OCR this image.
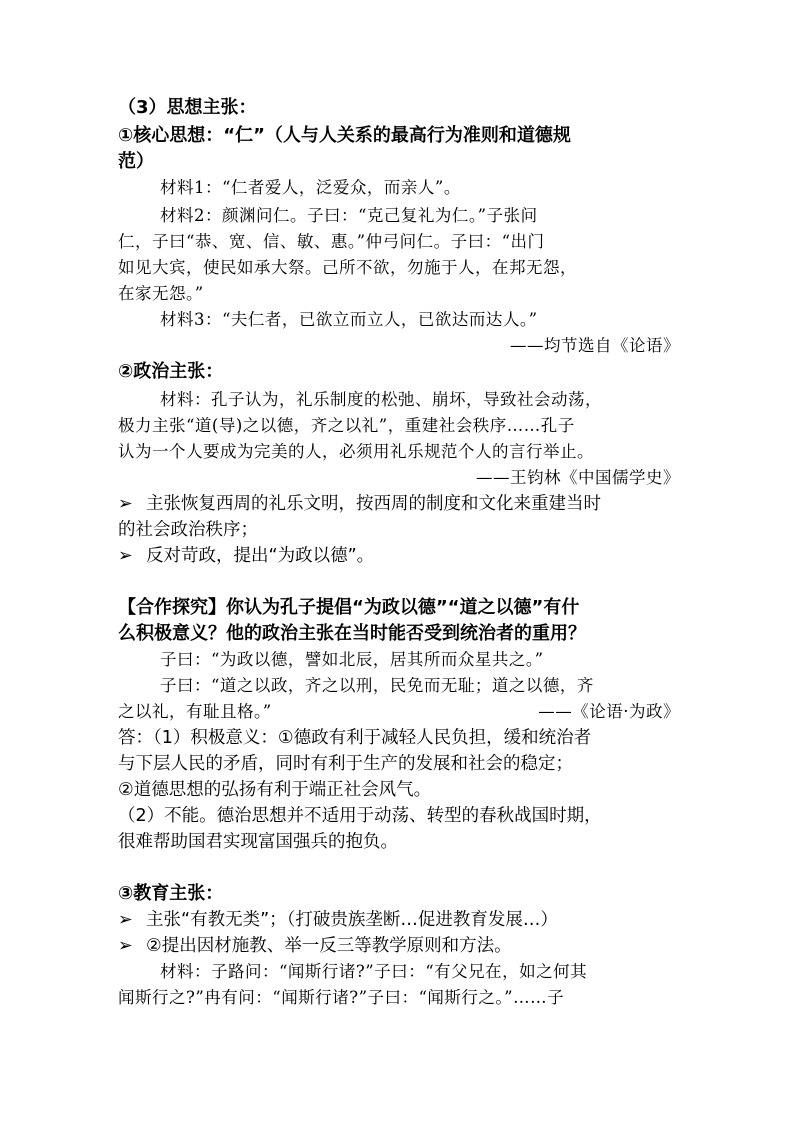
（3）思想主张：
①核心思想：“仁”（人与人关系的最高行为准则和道德规
范）
材料1：“仁者爱人，泛爱众，而亲人”。
材料2：颜渊问仁。子曰：“克己复礼为仁。”子张问
仁，子曰“恭、宽、信、敏、惠。”仲弓问仁。子曰：“出门
如见大宾，使民如承大祭。己所不欲，勿施于人，在邦无怨，
在家无怨。”
材料3：“夫仁者，已欲立而立人，已欲达而达人。”
——均节选自《论语》
②政治主张：
材料：孔子认为，礼乐制度的松弛、崩坏，导致社会动荡，
极力主张“道(导)之以德，齐之以礼”，重建社会秩序……孔子
认为一个人要成为完美的人，必须用礼乐规范个人的言行举止。
——王钧林《中国儒学史》
➢ 主张恢复西周的礼乐文明，按西周的制度和文化来重建当时
的社会政治秩序；
➢ 反对苛政，提出“为政以德”。
【合作探究】你认为孔子提倡“为政以德”“道之以德”有什
么积极意义？他的政治主张在当时能否受到统治者的重用？
子曰：“为政以德，譬如北辰，居其所而众星共之。”
子曰：“道之以政，齐之以刑，民免而无耻；道之以德，齐
之以礼，有耻且格。”	——《论语·为政》
答：（1）积极意义：①德政有利于减轻人民负担，缓和统治者
与下层人民的矛盾，同时有利于生产的发展和社会的稳定；
②道德思想的弘扬有利于端正社会风气。
（2）不能。德治思想并不适用于动荡、转型的春秋战国时期，
很难帮助国君实现富国强兵的抱负。
③教育主张：
➢ 主张“有教无类”；（打破贵族垄断…促进教育发展…）
➢ ②提出因材施教、举一反三等教学原则和方法。
材料：子路问：“闻斯行诸?”子曰：“有父兄在，如之何其
闻斯行之?”冉有问：“闻斯行诸?”子曰：“闻斯行之。”……子
